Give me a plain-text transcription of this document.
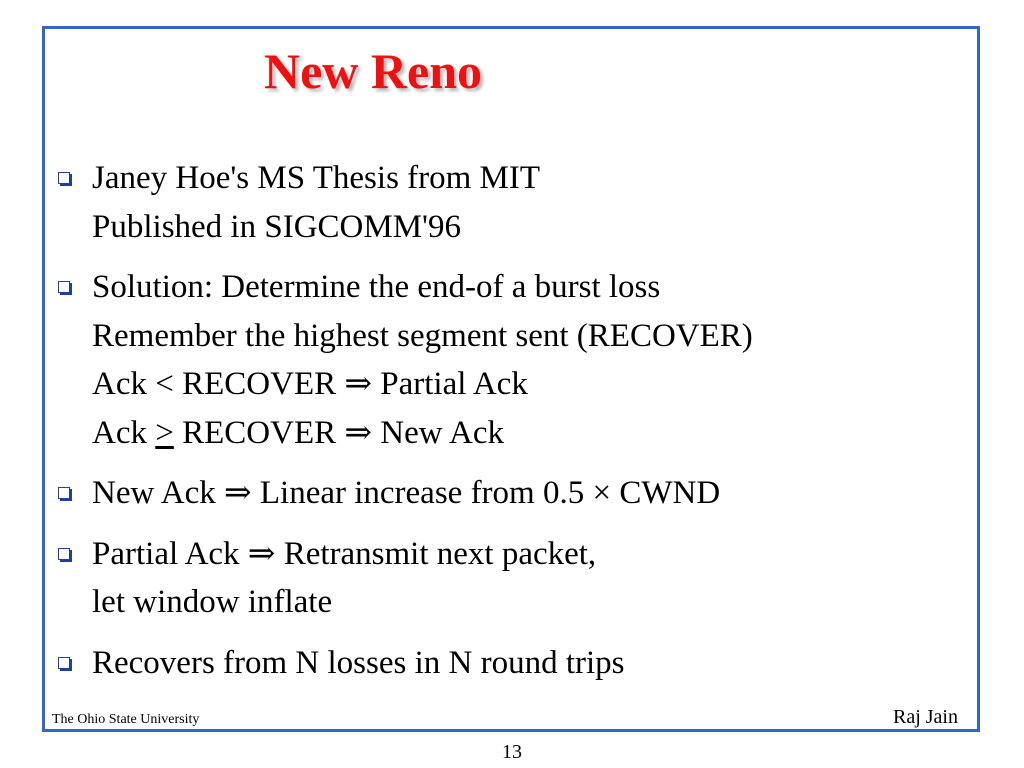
New Reno
Janey Hoe's MS Thesis from MIT
Published in SIGCOMM'96
Solution: Determine the end-of a burst loss
Remember the highest segment sent (RECOVER)
Ack < RECOVER ⇒ Partial Ack
Ack > RECOVER ⇒ New Ack
New Ack ⇒ Linear increase from 0.5 × CWND
Partial Ack ⇒ Retransmit next packet,
let window inflate
Recovers from N losses in N round trips
The Ohio State University	Raj Jain
13
